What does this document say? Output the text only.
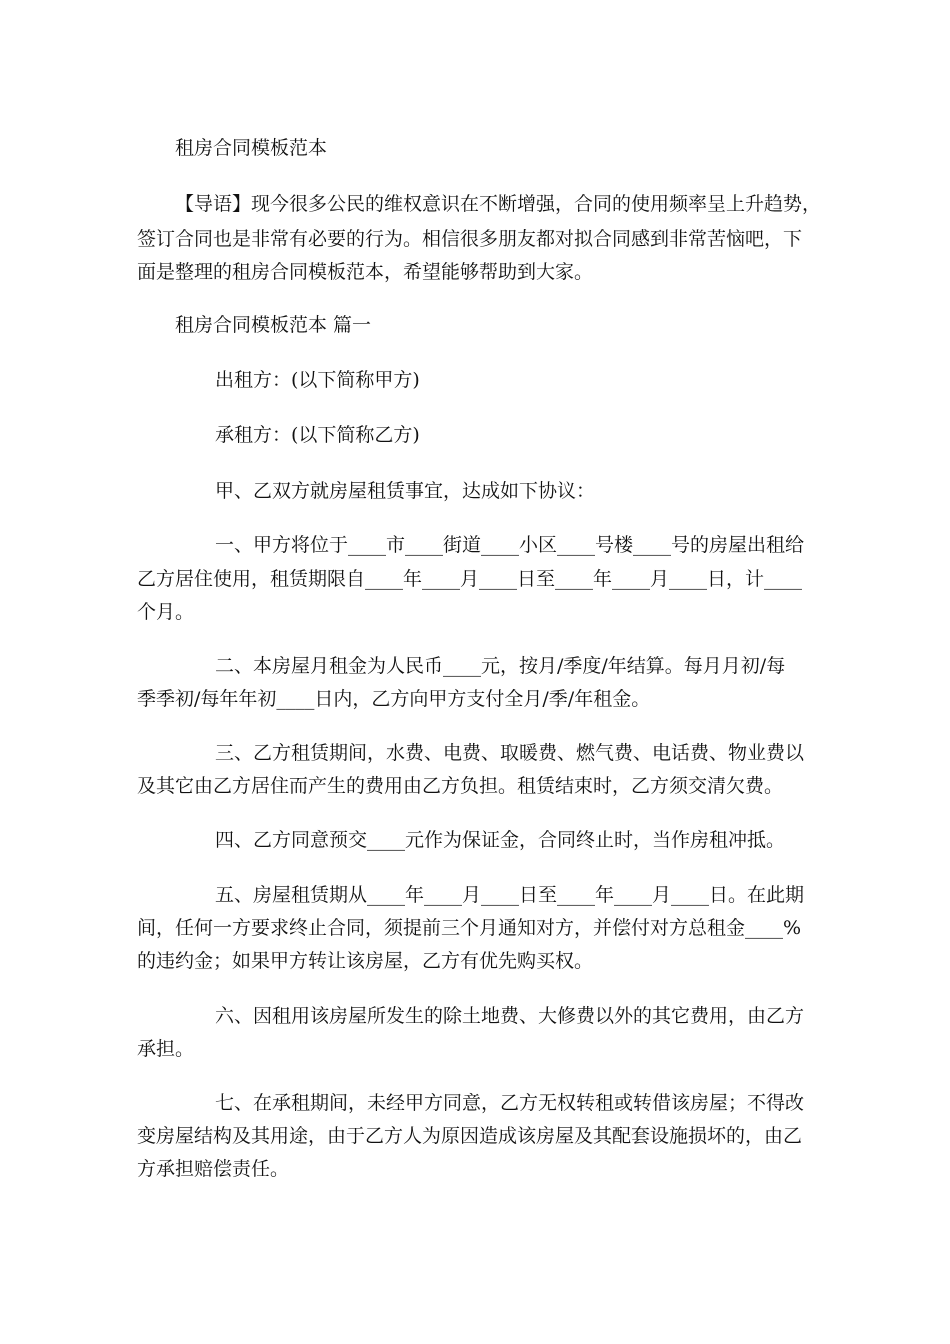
租房合同模板范本
【导语】现今很多公民的维权意识在不断增强，合同的使用频率呈上升趋势，
签订合同也是非常有必要的行为。相信很多朋友都对拟合同感到非常苦恼吧，下
面是整理的租房合同模板范本，希望能够帮助到大家。
租房合同模板范本 篇一
出租方：(以下简称甲方)
承租方：(以下简称乙方)
甲、乙双方就房屋租赁事宜，达成如下协议：
一、甲方将位于____市____街道____小区____号楼____号的房屋出租给
乙方居住使用，租赁期限自____年____月____日至____年____月____日，计____
个月。
二、本房屋月租金为人民币____元，按月/季度/年结算。每月月初/每
季季初/每年年初____日内，乙方向甲方支付全月/季/年租金。
三、乙方租赁期间，水费、电费、取暖费、燃气费、电话费、物业费以
及其它由乙方居住而产生的费用由乙方负担。租赁结束时，乙方须交清欠费。
四、乙方同意预交____元作为保证金，合同终止时，当作房租冲抵。
五、房屋租赁期从____年____月____日至____年____月____日。在此期
间，任何一方要求终止合同，须提前三个月通知对方，并偿付对方总租金____%
的违约金；如果甲方转让该房屋，乙方有优先购买权。
六、因租用该房屋所发生的除土地费、大修费以外的其它费用，由乙方
承担。
七、在承租期间，未经甲方同意，乙方无权转租或转借该房屋；不得改
变房屋结构及其用途，由于乙方人为原因造成该房屋及其配套设施损坏的，由乙
方承担赔偿责任。
